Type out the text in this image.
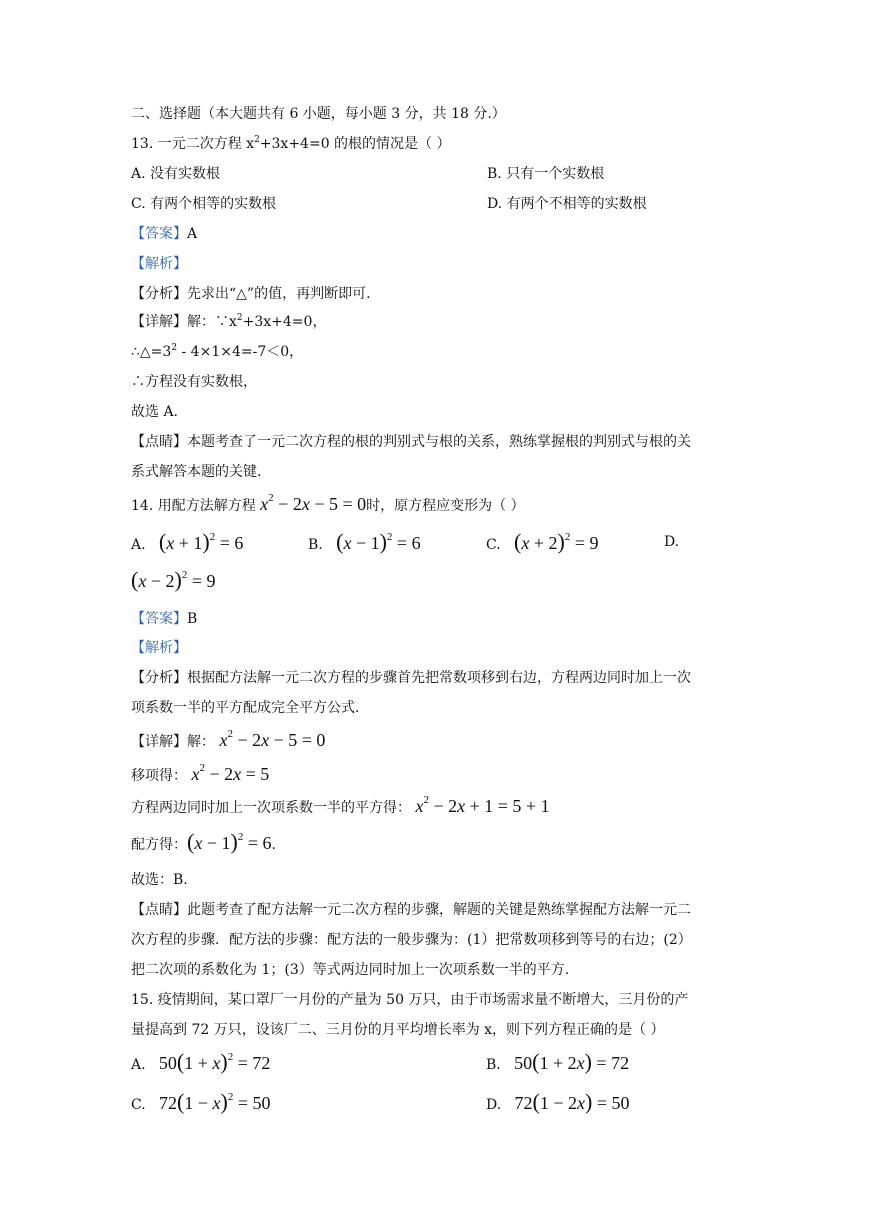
二、选择题（本大题共有 6 小题，每小题 3 分，共 18 分.）
13. 一元二次方程 $x^2+3x+4=0$ 的根的情况是（ ）
A. 没有实数根	B. 只有一个实数根
C. 有两个相等的实数根	D. 有两个不相等的实数根
【答案】A
【解析】
【分析】先求出“△”的值，再判断即可.
【详解】解：$\because x^2+3x+4=0$，
$\therefore\triangle=3^2 - 4\times 1\times 4=-7<0$，
∴方程没有实数根，
故选 A.
【点睛】本题考查了一元二次方程的根的判别式与根的关系，熟练掌握根的判别式与根的关
系式解答本题的关键.
14. 用配方法解方程 $x^2 - 2x - 5 = 0$时，原方程应变形为（ ）
A. $(x + 1)^2 = 6$	B. $(x - 1)^2 = 6$	C. $(x + 2)^2 = 9$	D.
$(x - 2)^2 = 9$
【答案】B
【解析】
【分析】根据配方法解一元二次方程的步骤首先把常数项移到右边，方程两边同时加上一次
项系数一半的平方配成完全平方公式.
【详解】解： $x^2 - 2x - 5 = 0$
移项得： $x^2 - 2x = 5$
方程两边同时加上一次项系数一半的平方得： $x^2 - 2x + 1 = 5 + 1$
配方得：$(x - 1)^2 = 6$.
故选：B.
【点睛】此题考查了配方法解一元二次方程的步骤，解题的关键是熟练掌握配方法解一元二
次方程的步骤．配方法的步骤：配方法的一般步骤为：(1）把常数项移到等号的右边；(2）
把二次项的系数化为 1；(3）等式两边同时加上一次项系数一半的平方.
15. 疫情期间，某口罩厂一月份的产量为 50 万只，由于市场需求量不断增大，三月份的产
量提高到 72 万只，设该厂二、三月份的月平均增长率为 x，则下列方程正确的是（ ）
A. $50(1 + x)^2 = 72$	B. 50(1 + 2x) = 72
C. $72(1 - x)^2 = 50$	D. 72(1 − 2x) = 50
